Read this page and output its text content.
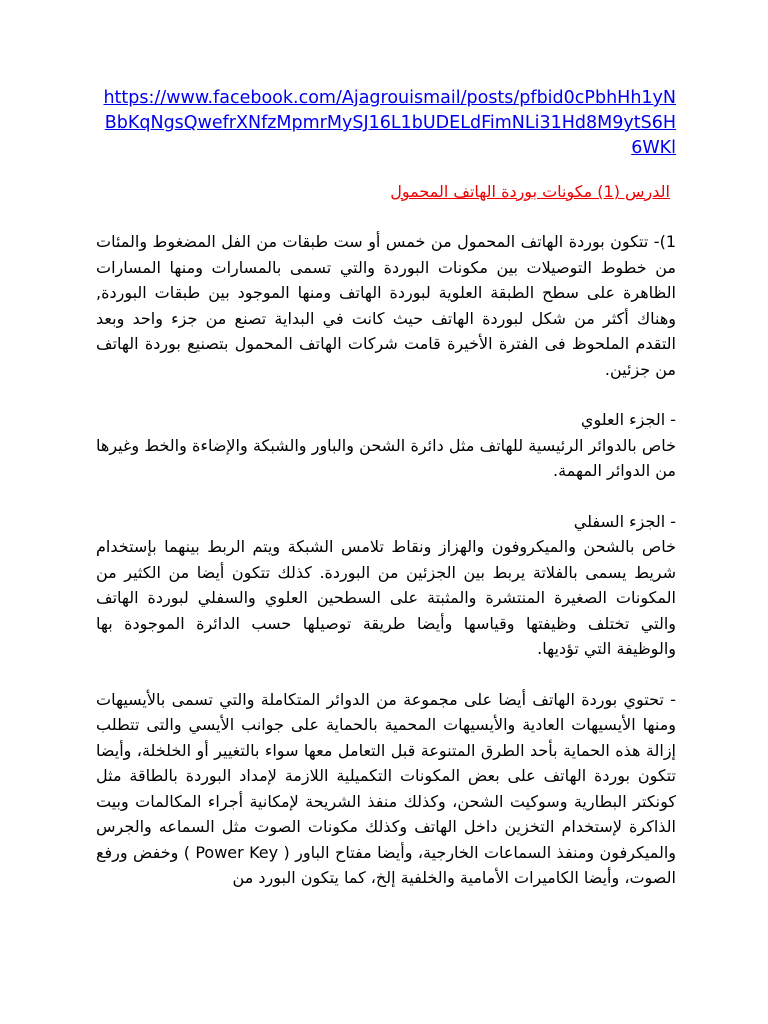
https://www.facebook.com/Ajagrouismail/posts/pfbid0cPbhHh1yNBbKqNgsQwefrXNfzMpmrMySJ16L1bUDELdFimNLi31Hd8M9ytS6H6WKl

الدرس (1) مكونات بوردة الهاتف المحمول

1)- تتكون بوردة الهاتف المحمول من خمس أو ست طبقات من الفل المضغوط والمئات من خطوط التوصيلات بين مكونات البوردة والتي تسمى بالمسارات ومنها المسارات الظاهرة على سطح الطبقة العلوية لبوردة الهاتف ومنها الموجود بين طبقات البوردة, وهناك أكثر من شكل لبوردة الهاتف حيث كانت في البداية تصنع من جزء واحد وبعد التقدم الملحوظ فى الفترة الأخيرة قامت شركات الهاتف المحمول بتصنيع بوردة الهاتف من جزئين.

- الجزء العلوي

خاص بالدوائر الرئيسية للهاتف مثل دائرة الشحن والباور والشبكة والإضاءة والخط وغيرها من الدوائر المهمة.

- الجزء السفلي

خاص بالشحن والميكروفون والهزاز ونقاط تلامس الشبكة ويتم الربط بينهما بإستخدام شريط يسمى بالفلاتة يربط بين الجزئين من البوردة. كذلك تتكون أيضا من الكثير من المكونات الصغيرة المنتشرة والمثبتة على السطحين العلوي والسفلي لبوردة الهاتف والتي تختلف وظيفتها وقياسها وأيضا طريقة توصيلها حسب الدائرة الموجودة بها والوظيفة التي تؤديها.

- تحتوي بوردة الهاتف أيضا على مجموعة من الدوائر المتكاملة والتي تسمى بالأيسيهات ومنها الأيسيهات العادية والأيسيهات المحمية بالحماية على جوانب الأيسي والتى تتطلب إزالة هذه الحماية بأحد الطرق المتنوعة قبل التعامل معها سواء بالتغيير أو الخلخلة، وأيضا تتكون بوردة الهاتف على بعض المكونات التكميلية اللازمة لإمداد البوردة بالطاقة مثل كونكتر البطارية وسوكيت الشحن، وكذلك منفذ الشريحة لإمكانية أجراء المكالمات وبيت الذاكرة لإستخدام التخزين داخل الهاتف وكذلك مكونات الصوت مثل السماعه والجرس والميكرفون ومنفذ السماعات الخارجية، وأيضا مفتاح الباور ( Power Key ) وخفض ورفع الصوت، وأيضا الكاميرات الأمامية والخلفية إلخ، كما يتكون البورد من
